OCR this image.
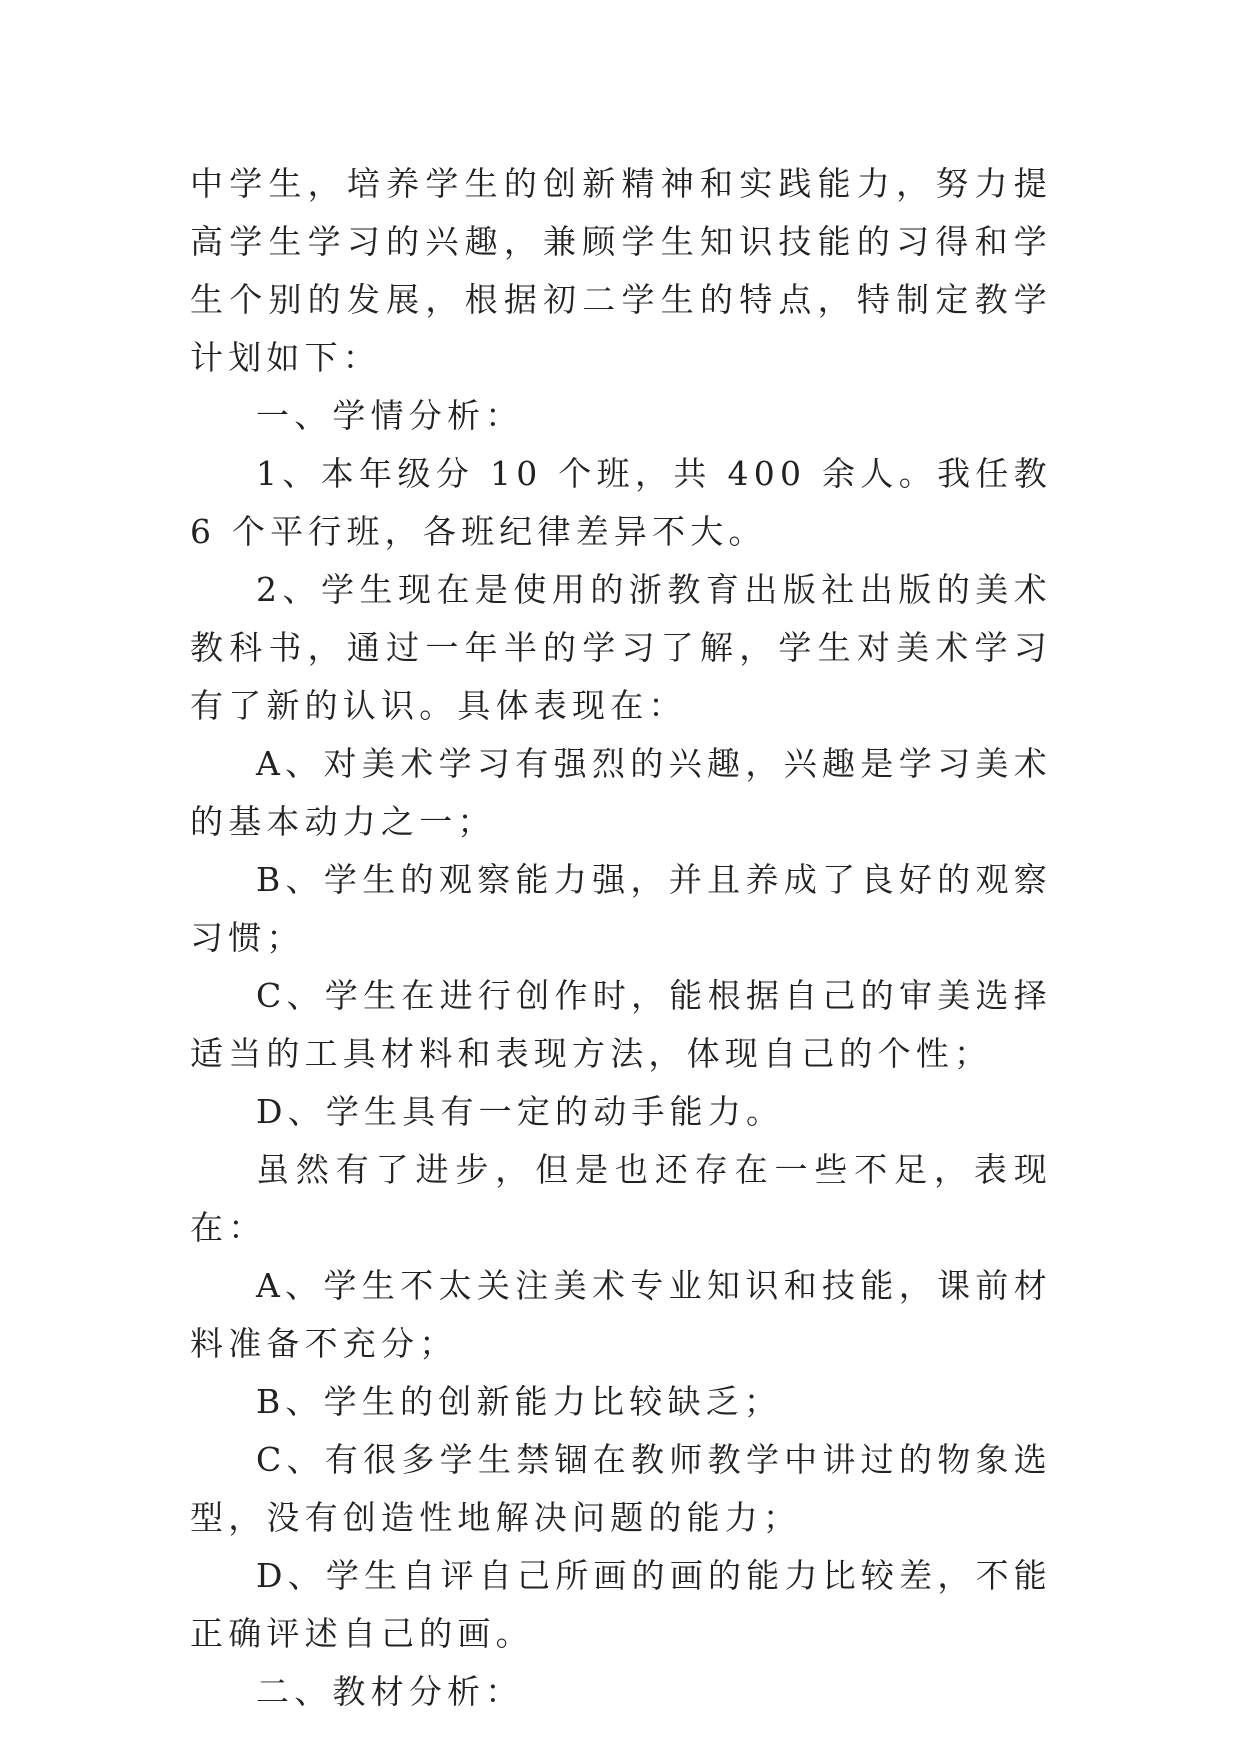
中学生，培养学生的创新精神和实践能力，努力提高学生学习的兴趣，兼顾学生知识技能的习得和学生个别的发展，根据初二学生的特点，特制定教学计划如下：

一、学情分析：

1、本年级分 10 个班，共 400 余人。我任教 6 个平行班，各班纪律差异不大。

2、学生现在是使用的浙教育出版社出版的美术教科书，通过一年半的学习了解，学生对美术学习有了新的认识。具体表现在：

A、对美术学习有强烈的兴趣，兴趣是学习美术的基本动力之一；

B、学生的观察能力强，并且养成了良好的观察习惯；

C、学生在进行创作时，能根据自己的审美选择适当的工具材料和表现方法，体现自己的个性；

D、学生具有一定的动手能力。

虽然有了进步，但是也还存在一些不足，表现在：

A、学生不太关注美术专业知识和技能，课前材料准备不充分；

B、学生的创新能力比较缺乏；

C、有很多学生禁锢在教师教学中讲过的物象选型，没有创造性地解决问题的能力；

D、学生自评自己所画的画的能力比较差，不能正确评述自己的画。

二、教材分析：
